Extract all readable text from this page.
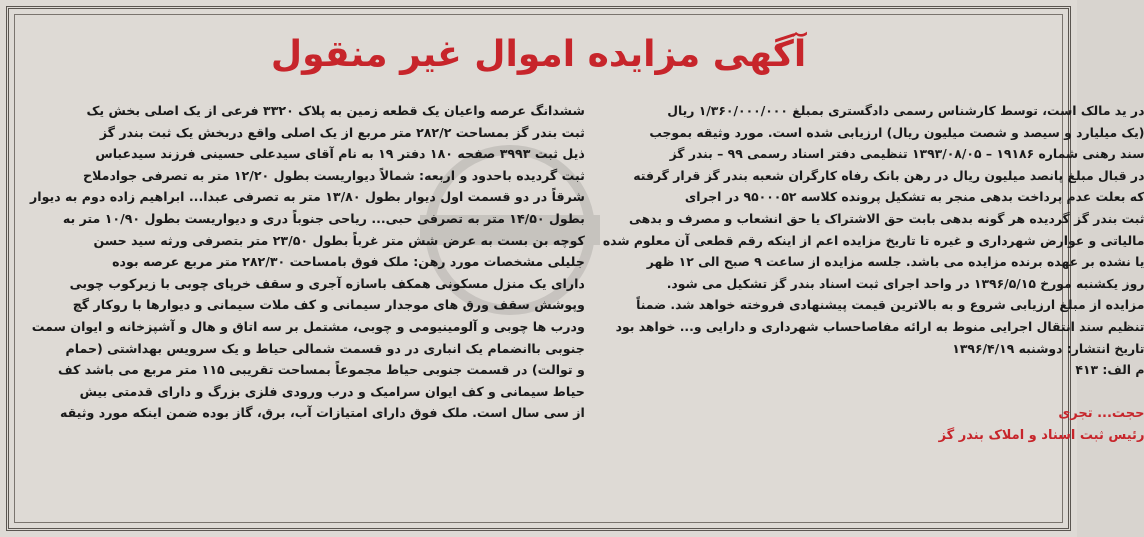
آگهی مزایده اموال غیر منقول
ششدانگ عرصه واعیان یک قطعه زمین به پلاک ۳۳۲۰ فرعی از یک اصلی بخش یک
ثبت بندر گز بمساحت ۲۸۲/۲ متر مربع از یک اصلی واقع دربخش یک ثبت بندر گز
ذیل ثبت ۳۹۹۳ صفحه ۱۸۰ دفتر ۱۹ به نام آقای سیدعلی حسینی فرزند سیدعباس
ثبت گردیده باحدود و اربعه: شمالاً دیواریست بطول ۱۲/۲۰ متر به تصرفی جوادملاح
شرقاً در دو قسمت اول دیوار بطول ۱۳/۸۰ متر به تصرفی عبدا... ابراهیم زاده دوم به دیوار
بطول ۱۴/۵۰ متر به تصرفی حبی... ریاحی جنوباً دری و دیواریست بطول ۱۰/۹۰ متر به
کوچه بن بست به عرض شش متر غرباً بطول ۲۳/۵۰ متر بتصرفی ورثه سید حسن
جلیلی مشخصات مورد رهن: ملک فوق بامساحت ۲۸۲/۳۰ متر مربع عرصه بوده
دارای یک منزل مسکونی همکف باسازه آجری و سقف خرپای چوبی با زیرکوب چوبی
وپوشش سقف ورق های موجدار سیمانی و کف ملات سیمانی و دیوارها با روکار گچ
ودرب ها چوبی و آلومینیومی و چوبی، مشتمل بر سه اتاق و هال و آشپزخانه و ایوان سمت
جنوبی باانضمام یک انباری در دو قسمت شمالی حیاط و یک سرویس بهداشتی (حمام
و توالت) در قسمت جنوبی حیاط مجموعاً بمساحت تقریبی ۱۱۵ متر مربع می باشد کف
حیاط سیمانی و کف ایوان سرامیک و درب ورودی فلزی بزرگ و دارای قدمتی بیش
از سی سال است. ملک فوق دارای امتیازات آب، برق، گاز بوده ضمن اینکه مورد وثیقه
در ید مالک است، توسط کارشناس رسمی دادگستری بمبلغ ۱/۳۶۰/۰۰۰/۰۰۰ ریال
(یک میلیارد و سیصد و شصت میلیون ریال) ارزیابی شده است. مورد وثیقه بموجب
سند رهنی شماره ۱۹۱۸۶ – ۱۳۹۳/۰۸/۰۵ تنظیمی دفتر اسناد رسمی ۹۹ – بندر گز
در قبال مبلغ پانصد میلیون ریال در رهن بانک رفاه کارگران شعبه بندر گز قرار گرفته
که بعلت عدم پرداخت بدهی منجر به تشکیل پرونده کلاسه ۹۵۰۰۰۵۲ در اجرای
ثبت بندر گز گردیده هر گونه بدهی بابت حق الاشتراک یا حق انشعاب و مصرف و بدهی
مالیاتی و عوارض شهرداری و غیره تا تاریخ مزایده اعم از اینکه رقم قطعی آن معلوم شده
یا نشده بر عهده برنده مزایده می باشد. جلسه مزایده از ساعت ۹ صبح الی ۱۲ ظهر
روز یکشنبه مورخ ۱۳۹۶/۵/۱۵ در واحد اجرای ثبت اسناد بندر گز تشکیل می شود.
مزایده از مبلغ ارزیابی شروع و به بالاترین قیمت پیشنهادی فروخته خواهد شد. ضمناً
تنظیم سند انتقال اجرایی منوط به ارائه مفاصاحساب شهرداری و دارایی و... خواهد بود
تاریخ انتشار: دوشنبه ۱۳۹۶/۴/۱۹
م الف: ۴۱۳
حجت... تجری
رئیس ثبت اسناد و املاک بندر گز
